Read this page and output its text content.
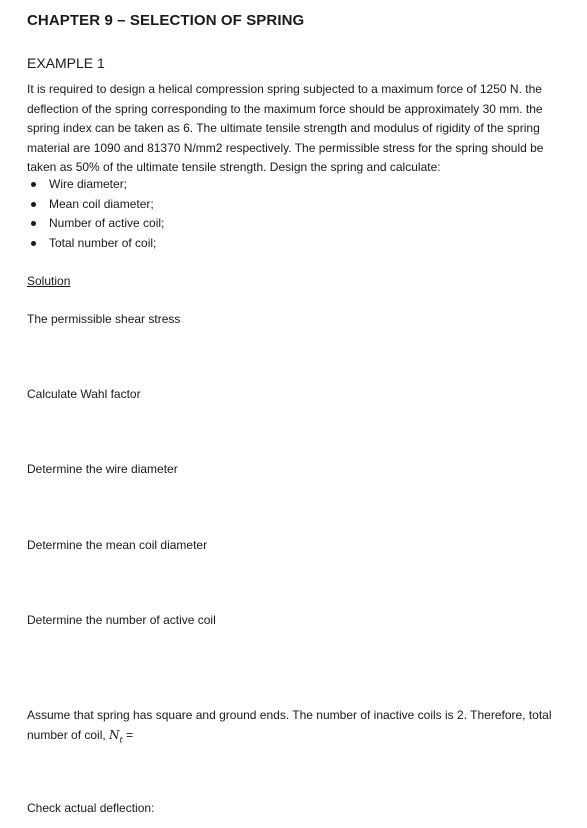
CHAPTER 9 – SELECTION OF SPRING
EXAMPLE 1
It is required to design a helical compression spring subjected to a maximum force of 1250 N. the deflection of the spring corresponding to the maximum force should be approximately 30 mm. the spring index can be taken as 6. The ultimate tensile strength and modulus of rigidity of the spring material are 1090 and 81370 N/mm2 respectively. The permissible stress for the spring should be taken as 50% of the ultimate tensile strength. Design the spring and calculate:
Wire diameter;
Mean coil diameter;
Number of active coil;
Total number of coil;
Solution
The permissible shear stress
Calculate Wahl factor
Determine the wire diameter
Determine the mean coil diameter
Determine the number of active coil
Assume that spring has square and ground ends. The number of inactive coils is 2. Therefore, total number of coil, $N_t$ =
Check actual deflection:
